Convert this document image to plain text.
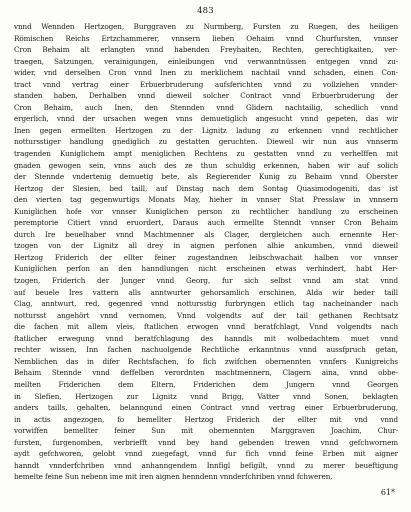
483
vnnd Wennden Hertzogen, Burggraven zu Nurmberg, Fursten zu Ruegen, des heiligen
Römischen Reichs Ertzchammerer, vnnsern lieben Oehaim vnnd Churfursten, vnnser
Cron Behaim alt erlangten vnnd habenden Freyhaiten, Rechten, gerechtigkaiten, ver-
traegen, Satzungen, verainigungen, einleibungen vnd verwanntnüssen entgegen vnnd zu-
wider, vnd derselben Cron vnnd Inen zu merklichem nachtail vnnd schaden, einen Con-
tract vnnd vertrag einer Erbuerbruderung aufsferichten vnnd zu vollziehen vnnder-
standen haben, Derhalben vnnd dieweil solcher Contract vnnd Erbuerbruderung der
Cron Behaim, auch Inen, den Stennden vnnd Glidern nachtailig, schedlich vnnd
ergerlich, vnnd der ursachen wegen vnns demuetiglich angesucht vnnd gepeten, das wir
Inen gegen ermellten Hertzogen zu der Lignitz ladung zu erkennen vnnd rechtlicher
nottursstiger handlung gnediglich zu gestatten geruchten. Dieweil wir nun aus vnnserm
tragenden Kuniglichem ampt meniglichen Rechtens zu gestatten vnnd zu verhelffen mit
gnaden gewogen sein, vnns auch des ze thun schuldig erkennen, haben wir auf solich
der Stennde vndertenig demuetig bete, als Regierender Kunig zu Behaim vnnd Oberster
Hertzog der Slesien, bed taill, auf Dinstag nach dem Sontag Quasimodogeniti, das ist
den vierten tag gegenwurtigs Monats May, hieher in vnnser Stat Presslaw in vnnsern
Kuniglichen hofe vor vnnser Kuniglichen person zu rechtlicher handlung zu erscheinen
peremptorie Citiert vnnd eruordert, Daraus auch ermellte Stenndt vnnser Cron Behaim
durch Ire beuelhaber vnnd Machtmenner als Clager, dergleichen auch ernennte Her-
tzogen von der Lignitz all drey in aignen perfonen alhie ankumben, vnnd dieweil
Hertzog Friderich der ellter feiner zugestandnen leibschwachait halben vor vnnser
Kuniglichen perfon an den hanndlungen nicht erscheinen etwas verhindert, habt Her-
tzogen, Friderich der Junger vnnd Georg, fur sich selbst vnnd am stat vnnd
auf beuele Ires vattern alls anntwurter gehorsamlich erschinen, Alda wir beder taill
Clag, anntwurt, red, gegenred vnnd nottursstig furbryngen etlich tag nacheinander nach
nottursst angehört vnnd vernomen, Vnnd volgendts auf der tail gethanen Rechtsatz
die fachen mit allem vleis, ftatlichen erwogen vnnd beratfchlagt, Vnnd volgendts nach
ftatlicher erwegung vnnd beratfchlagung des hanndls mit wolbedachtem muet vnnd
rechter wissen, Inn fachen nachuolgende Rechtliche erkanntnus vnnd aussfpruch getan,
Nemblichen das in difer Rechtsfachen, fo fich zwifchen obernennten vnnfers Kunigreichs
Behaim Stennde vnnd deffelben verordnten machtmennern, Clagern aina, vnnd obbe-
mellten Friderichen dem Eltern, Friderichen dem Jungern vnnd Georgen
in Slefien, Hertzogen zur Lignitz vnnd Brigg, Vatter vnnd Sonen, beklagten
anders taills, gehalten, belanngund einen Contract vnnd vertrag einer Erbuerbruderung,
in actis angezogen, fo bemellter Hertzog Friderich der ellter mit vnd vnnd
vorwiffen bemellter feiner Sun mit obernennten Marggraven Joachim, Chur-
fursten, furgenomben, verbriefft vnnd bey hand gebenden trewen vnnd gefchwornem
aydt gefchworen, gelobt vnnd zuegefagt, vnnd fur fich vnnd feine Erben mit aigner
hanndt vnnderfchriben vnnd anhanngendem Innfigl befigilt, vnnd zu merer beueftigung
bemelte feine Sun nebenn ime mit iren aignen henndenn vnnderfchriben vnnd fchweren,
61*
